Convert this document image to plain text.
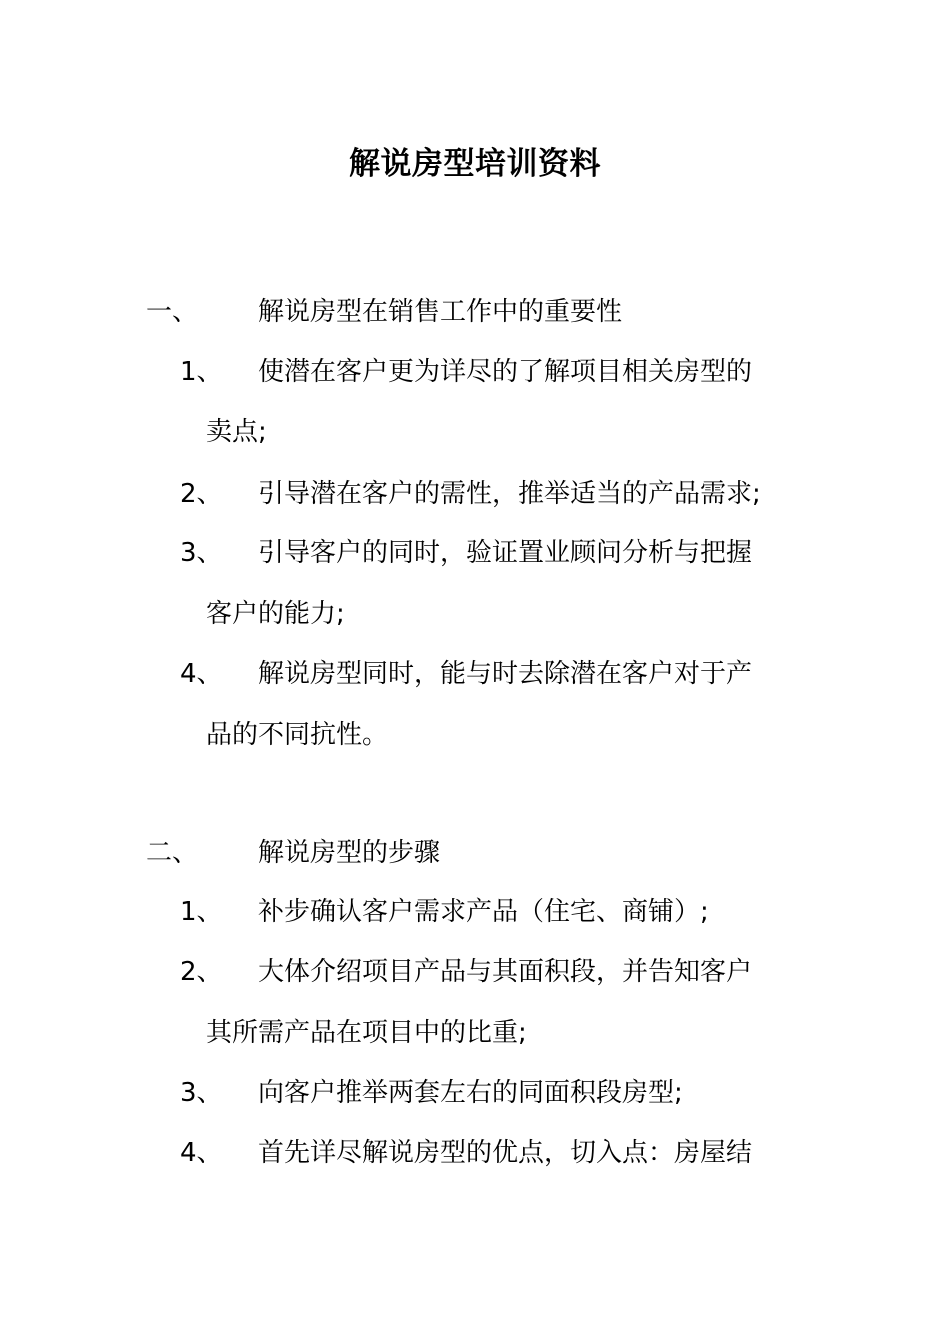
解说房型培训资料
一、 解说房型在销售工作中的重要性
1、 使潜在客户更为详尽的了解项目相关房型的
卖点;
2、 引导潜在客户的需性，推举适当的产品需求;
3、 引导客户的同时，验证置业顾问分析与把握
客户的能力;
4、 解说房型同时，能与时去除潜在客户对于产
品的不同抗性。
二、 解说房型的步骤
1、 补步确认客户需求产品（住宅、商铺）;
2、 大体介绍项目产品与其面积段，并告知客户
其所需产品在项目中的比重;
3、 向客户推举两套左右的同面积段房型;
4、 首先详尽解说房型的优点，切入点：房屋结
